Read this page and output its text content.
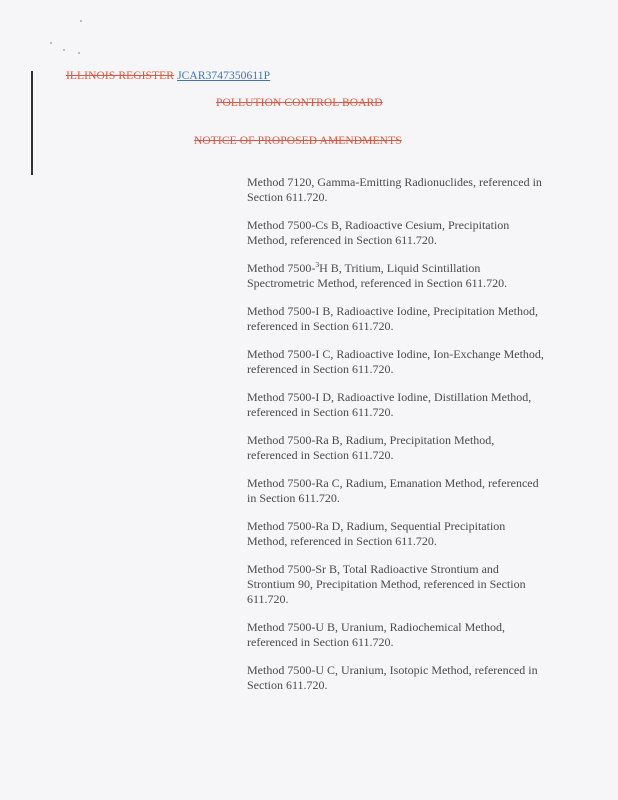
ILLINOIS REGISTER JCAR3747350611P
POLLUTION CONTROL BOARD
NOTICE OF PROPOSED AMENDMENTS
Method 7120, Gamma-Emitting Radionuclides, referenced in Section 611.720.
Method 7500-Cs B, Radioactive Cesium, Precipitation Method, referenced in Section 611.720.
Method 7500-$^3$H B, Tritium, Liquid Scintillation Spectrometric Method, referenced in Section 611.720.
Method 7500-I B, Radioactive Iodine, Precipitation Method, referenced in Section 611.720.
Method 7500-I C, Radioactive Iodine, Ion-Exchange Method, referenced in Section 611.720.
Method 7500-I D, Radioactive Iodine, Distillation Method, referenced in Section 611.720.
Method 7500-Ra B, Radium, Precipitation Method, referenced in Section 611.720.
Method 7500-Ra C, Radium, Emanation Method, referenced in Section 611.720.
Method 7500-Ra D, Radium, Sequential Precipitation Method, referenced in Section 611.720.
Method 7500-Sr B, Total Radioactive Strontium and Strontium 90, Precipitation Method, referenced in Section 611.720.
Method 7500-U B, Uranium, Radiochemical Method, referenced in Section 611.720.
Method 7500-U C, Uranium, Isotopic Method, referenced in Section 611.720.
